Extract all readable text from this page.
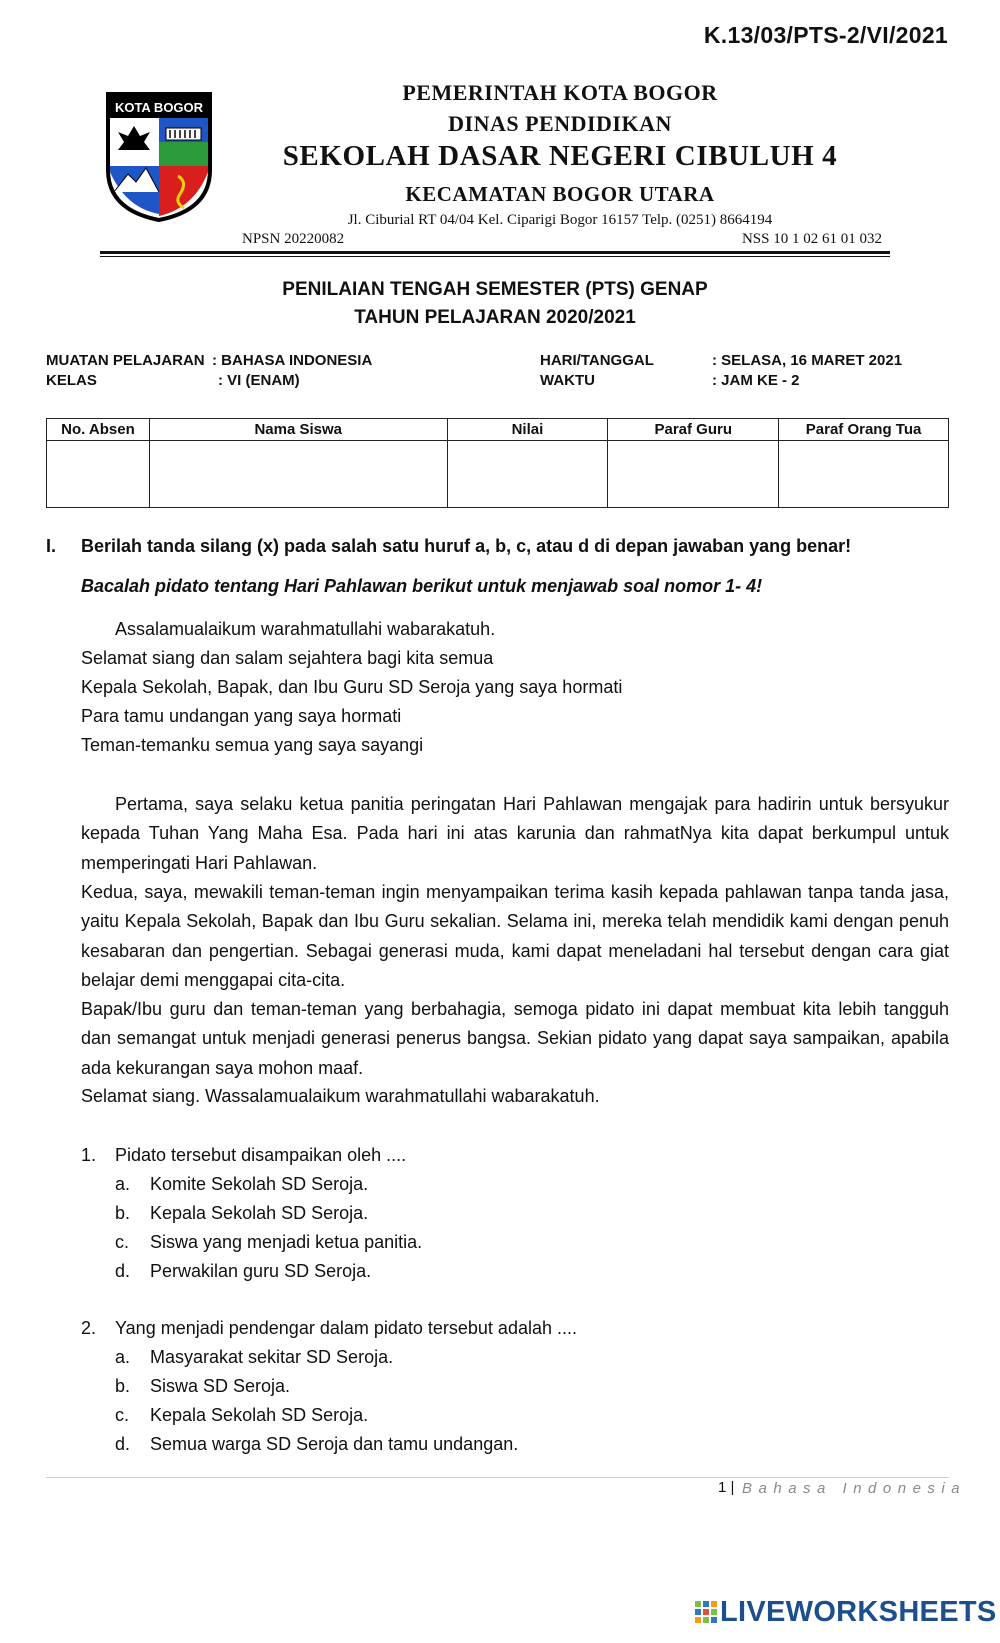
K.13/03/PTS-2/VI/2021
KOTA BOGOR
PEMERINTAH KOTA BOGOR
DINAS PENDIDIKAN
SEKOLAH DASAR NEGERI CIBULUH 4
KECAMATAN BOGOR UTARA
Jl. Ciburial RT 04/04 Kel. Ciparigi Bogor 16157 Telp. (0251) 8664194
NPSN 20220082	NSS 10 1 02 61 01 032
PENILAIAN TENGAH SEMESTER (PTS) GENAP
TAHUN PELAJARAN 2020/2021
MUATAN PELAJARAN : BAHASA INDONESIA
KELAS	: VI (ENAM)
HARI/TANGGAL	: SELASA, 16 MARET 2021
WAKTU	: JAM KE - 2
No. Absen	Nama Siswa	Nilai	Paraf Guru	Paraf Orang Tua

I. Berilah tanda silang (x) pada salah satu huruf a, b, c, atau d di depan jawaban yang benar!
Bacalah pidato tentang Hari Pahlawan berikut untuk menjawab soal nomor 1- 4!
Assalamualaikum warahmatullahi wabarakatuh.
Selamat siang dan salam sejahtera bagi kita semua
Kepala Sekolah, Bapak, dan Ibu Guru SD Seroja yang saya hormati
Para tamu undangan yang saya hormati
Teman-temanku semua yang saya sayangi
Pertama, saya selaku ketua panitia peringatan Hari Pahlawan mengajak para hadirin untuk bersyukur kepada Tuhan Yang Maha Esa. Pada hari ini atas karunia dan rahmatNya kita dapat berkumpul untuk memperingati Hari Pahlawan.
Kedua, saya, mewakili teman-teman ingin menyampaikan terima kasih kepada pahlawan tanpa tanda jasa, yaitu Kepala Sekolah, Bapak dan Ibu Guru sekalian. Selama ini, mereka telah mendidik kami dengan penuh kesabaran dan pengertian. Sebagai generasi muda, kami dapat meneladani hal tersebut dengan cara giat belajar demi menggapai cita-cita.
Bapak/Ibu guru dan teman-teman yang berbahagia, semoga pidato ini dapat membuat kita lebih tangguh dan semangat untuk menjadi generasi penerus bangsa. Sekian pidato yang dapat saya sampaikan, apabila ada kekurangan saya mohon maaf.
Selamat siang. Wassalamualaikum warahmatullahi wabarakatuh.
1. Pidato tersebut disampaikan oleh ....
a. Komite Sekolah SD Seroja.
b. Kepala Sekolah SD Seroja.
c. Siswa yang menjadi ketua panitia.
d. Perwakilan guru SD Seroja.
2. Yang menjadi pendengar dalam pidato tersebut adalah ....
a. Masyarakat sekitar SD Seroja.
b. Siswa SD Seroja.
c. Kepala Sekolah SD Seroja.
d. Semua warga SD Seroja dan tamu undangan.
1 | Bahasa Indonesia
LIVEWORKSHEETS
